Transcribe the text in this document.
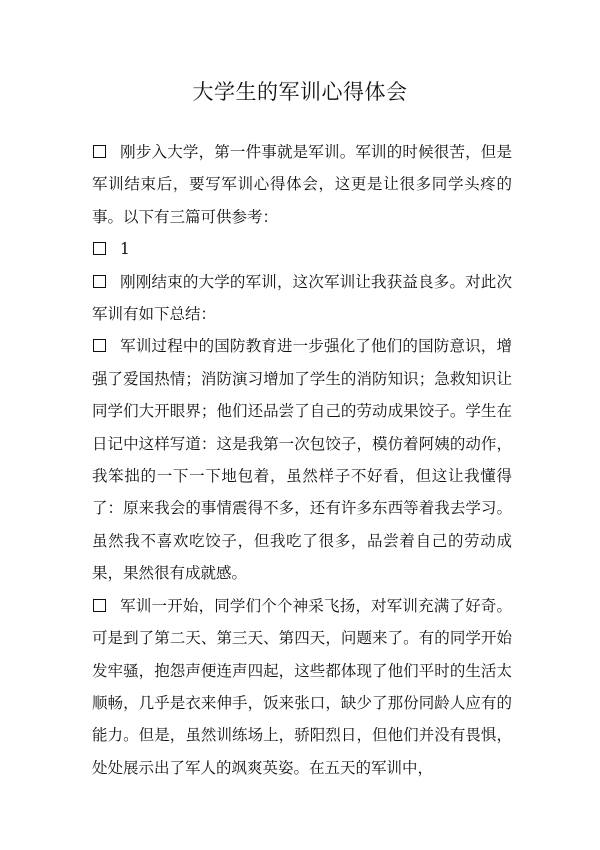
大学生的军训心得体会

刚步入大学，第一件事就是军训。军训的时候很苦，但是军训结束后，要写军训心得体会，这更是让很多同学头疼的事。以下有三篇可供参考：

1

刚刚结束的大学的军训，这次军训让我获益良多。对此次军训有如下总结：

军训过程中的国防教育进一步强化了他们的国防意识，增强了爱国热情；消防演习增加了学生的消防知识；急救知识让同学们大开眼界；他们还品尝了自己的劳动成果饺子。学生在日记中这样写道：这是我第一次包饺子，模仿着阿姨的动作，我笨拙的一下一下地包着，虽然样子不好看，但这让我懂得了：原来我会的事情震得不多，还有许多东西等着我去学习。虽然我不喜欢吃饺子，但我吃了很多，品尝着自己的劳动成果，果然很有成就感。

军训一开始，同学们个个神采飞扬，对军训充满了好奇。可是到了第二天、第三天、第四天，问题来了。有的同学开始发牢骚，抱怨声便连声四起，这些都体现了他们平时的生活太顺畅，几乎是衣来伸手，饭来张口，缺少了那份同龄人应有的能力。但是，虽然训练场上，骄阳烈日，但他们并没有畏惧，处处展示出了军人的飒爽英姿。在五天的军训中，
